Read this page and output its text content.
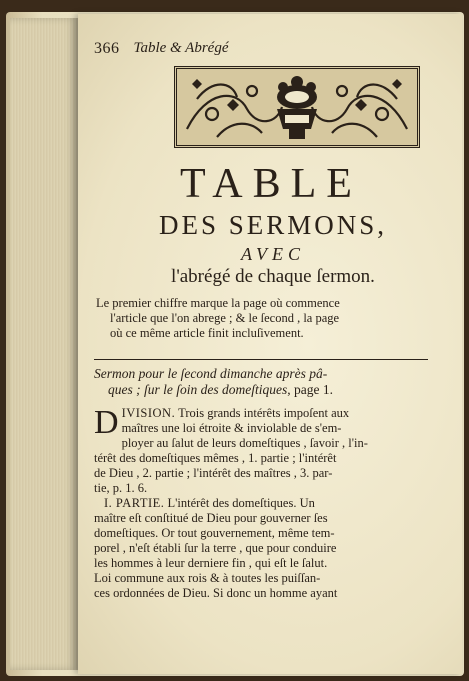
366 Table & Abrégé
TABLE
DES SERMONS,
AVEC
l'abrégé de chaque ſermon.
Le premier chiffre marque la page où commence
l'article que l'on abrege ; & le ſecond , la page
où ce même article finit incluſivement.
Sermon pour le ſecond dimanche après pâ-
ques ; ſur le ſoin des domeſtiques, page 1.
D IVISION. Trois grands intérêts impoſent aux
maîtres une loi étroite & inviolable de s'em-
ployer au ſalut de leurs domeſtiques , ſavoir , l'in-
térêt des domeſtiques mêmes , 1. partie ; l'intérêt
de Dieu , 2. partie ; l'intérêt des maîtres , 3. par-
tie, p. 1. 6.
I. PARTIE. L'intérêt des domeſtiques. Un
maître eſt conſtitué de Dieu pour gouverner ſes
domeſtiques. Or tout gouvernement, même tem-
porel , n'eſt établi ſur la terre , que pour conduire
les hommes à leur derniere fin , qui eſt le ſalut.
Loi commune aux rois & à toutes les puiſſan-
ces ordonnées de Dieu. Si donc un homme ayant
